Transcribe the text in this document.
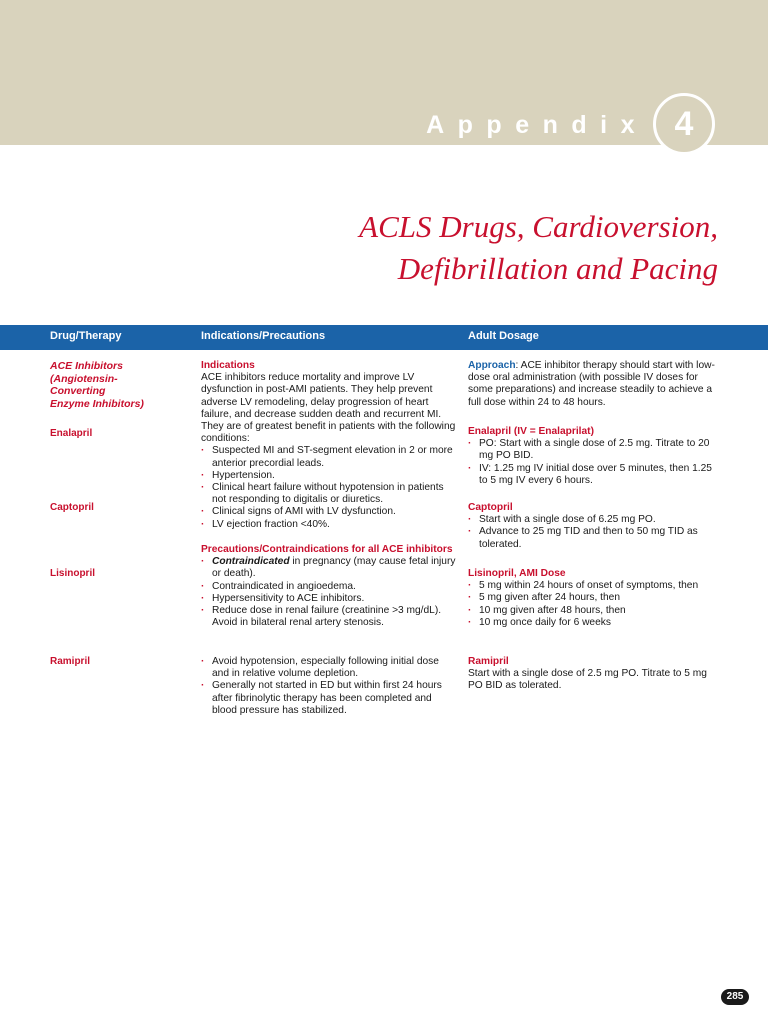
Appendix 4
ACLS Drugs, Cardioversion,
Defibrillation and Pacing
Drug/Therapy	Indications/Precautions	Adult Dosage
ACE Inhibitors
(Angiotensin-
Converting
Enzyme Inhibitors)
Enalapril
Captopril
Lisinopril
Ramipril
Indications
ACE inhibitors reduce mortality and improve LV dysfunction in post-AMI patients. They help prevent adverse LV remodeling, delay progression of heart failure, and decrease sudden death and recurrent MI. They are of greatest benefit in patients with the following conditions:
· Suspected MI and ST-segment elevation in 2 or more anterior precordial leads.
· Hypertension.
· Clinical heart failure without hypotension in patients not responding to digitalis or diuretics.
· Clinical signs of AMI with LV dysfunction.
· LV ejection fraction <40%.
Precautions/Contraindications for all ACE inhibitors
· Contraindicated in pregnancy (may cause fetal injury or death).
· Contraindicated in angioedema.
· Hypersensitivity to ACE inhibitors.
· Reduce dose in renal failure (creatinine >3 mg/dL). Avoid in bilateral renal artery stenosis.
· Avoid hypotension, especially following initial dose and in relative volume depletion.
· Generally not started in ED but within first 24 hours after fibrinolytic therapy has been completed and blood pressure has stabilized.
Approach: ACE inhibitor therapy should start with low-dose oral administration (with possible IV doses for some preparations) and increase steadily to achieve a full dose within 24 to 48 hours.
Enalapril (IV = Enalaprilat)
· PO: Start with a single dose of 2.5 mg. Titrate to 20 mg PO BID.
· IV: 1.25 mg IV initial dose over 5 minutes, then 1.25 to 5 mg IV every 6 hours.
Captopril
· Start with a single dose of 6.25 mg PO.
· Advance to 25 mg TID and then to 50 mg TID as tolerated.
Lisinopril, AMI Dose
· 5 mg within 24 hours of onset of symptoms, then
· 5 mg given after 24 hours, then
· 10 mg given after 48 hours, then
· 10 mg once daily for 6 weeks
Ramipril
Start with a single dose of 2.5 mg PO. Titrate to 5 mg PO BID as tolerated.
285
